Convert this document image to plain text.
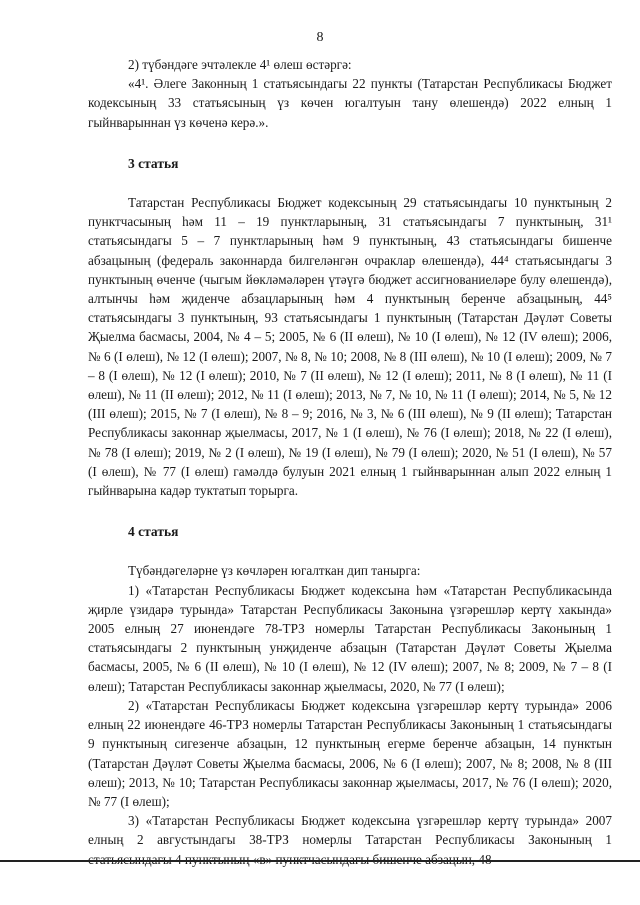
8

2) түбәндәге эчтәлекле 4¹ өлеш өстәргә:

«4¹. Әлеге Законның 1 статьясындагы 22 пункты (Татарстан Республикасы Бюджет кодексының 33 статьясының үз көчен югалтуын тану өлешендә) 2022 елның 1 гыйнварыннан үз көченә керә.».

3 статья

Татарстан Республикасы Бюджет кодексының 29 статьясындагы 10 пунктының 2 пунктчасының һәм 11 – 19 пунктларының, 31 статьясындагы 7 пунктының, 31¹ статьясындагы 5 – 7 пунктларының һәм 9 пунктының, 43 статьясындагы бишенче абзацының (федераль законнарда билгеләнгән очраклар өлешендә), 44⁴ статьясындагы 3 пунктының өченче (чыгым йөкләмәләрен үтәүгә бюджет ассигнованиеләре булу өлешендә), алтынчы һәм җиденче абзацларының һәм 4 пунктының беренче абзацының, 44⁵ статьясындагы 3 пунктының, 93 статьясындагы 1 пунктының (Татарстан Дәүләт Советы Җыелма басмасы, 2004, № 4 – 5; 2005, № 6 (II өлеш), № 10 (I өлеш), № 12 (IV өлеш); 2006, № 6 (I өлеш), № 12 (I өлеш); 2007, № 8, № 10; 2008, № 8 (III өлеш), № 10 (I өлеш); 2009, № 7 – 8 (I өлеш), № 12 (I өлеш); 2010, № 7 (II өлеш), № 12 (I өлеш); 2011, № 8 (I өлеш), № 11 (I өлеш), № 11 (II өлеш); 2012, № 11 (I өлеш); 2013, № 7, № 10, № 11 (I өлеш); 2014, № 5, № 12 (III өлеш); 2015, № 7 (I өлеш), № 8 – 9; 2016, № 3, № 6 (III өлеш), № 9 (II өлеш); Татарстан Республикасы законнар җыелмасы, 2017, № 1 (I өлеш), № 76 (I өлеш); 2018, № 22 (I өлеш), № 78 (I өлеш); 2019, № 2 (I өлеш), № 19 (I өлеш), № 79 (I өлеш); 2020, № 51 (I өлеш), № 57 (I өлеш), № 77 (I өлеш) гамәлдә булуын 2021 елның 1 гыйнварыннан алып 2022 елның 1 гыйнварына кадәр туктатып торырга.

4 статья

Түбәндәгеләрне үз көчләрен югалткан дип танырга:

1) «Татарстан Республикасы Бюджет кодексына һәм «Татарстан Республикасында җирле үзидарә турында» Татарстан Республикасы Законына үзгәрешләр кертү хакында» 2005 елның 27 июнендәге 78-ТРЗ номерлы Татарстан Республикасы Законының 1 статьясындагы 2 пунктының унҗиденче абзацын (Татарстан Дәүләт Советы Җыелма басмасы, 2005, № 6 (II өлеш), № 10 (I өлеш), № 12 (IV өлеш); 2007, № 8; 2009, № 7 – 8 (I өлеш); Татарстан Республикасы законнар җыелмасы, 2020, № 77 (I өлеш);

2) «Татарстан Республикасы Бюджет кодексына үзгәрешләр кертү турында» 2006 елның 22 июнендәге 46-ТРЗ номерлы Татарстан Республикасы Законының 1 статьясындагы 9 пунктының сигезенче абзацын, 12 пунктының егерме беренче абзацын, 14 пунктын (Татарстан Дәүләт Советы Җыелма басмасы, 2006, № 6 (I өлеш); 2007, № 8; 2008, № 8 (III өлеш); 2013, № 10; Татарстан Республикасы законнар җыелмасы, 2017, № 76 (I өлеш); 2020, № 77 (I өлеш);

3) «Татарстан Республикасы Бюджет кодексына үзгәрешләр кертү турында» 2007 елның 2 августындагы 38-ТРЗ номерлы Татарстан Республикасы Законының 1
